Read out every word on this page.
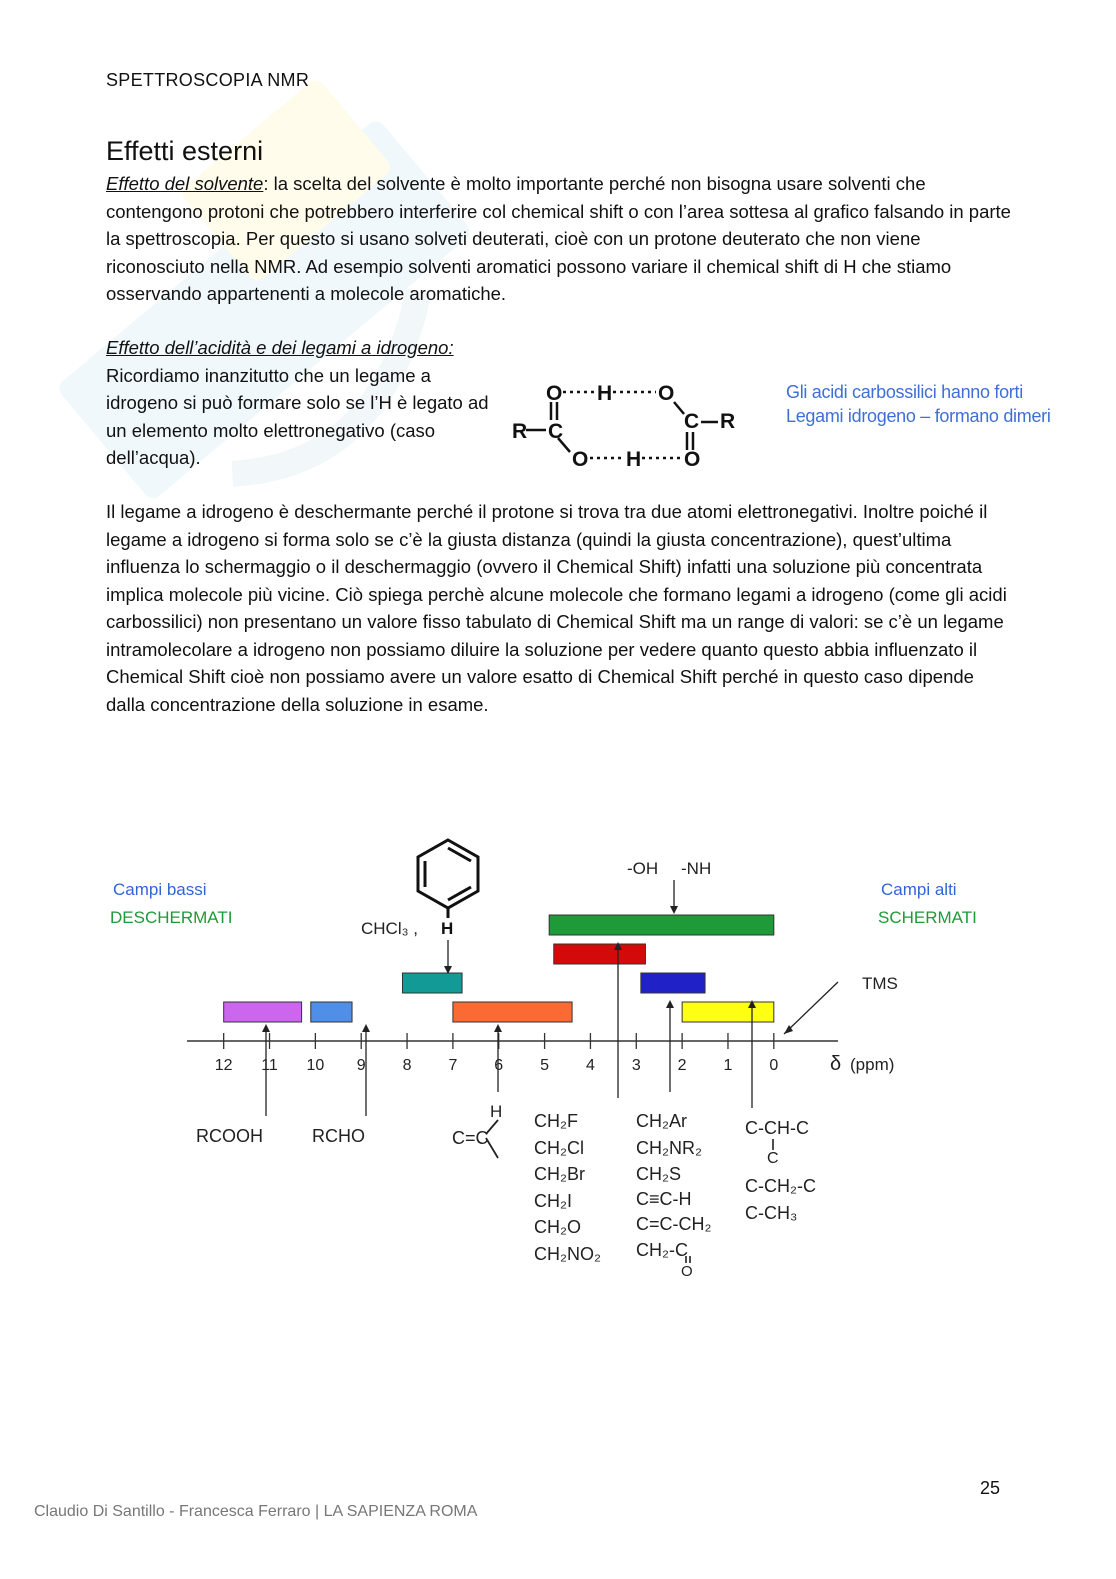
SPETTROSCOPIA NMR
Effetti esterni

Effetto del solvente: la scelta del solvente è molto importante perché non bisogna usare solventi che contengono protoni che potrebbero interferire col chemical shift o con l’area sottesa al grafico falsando in parte la spettroscopia. Per questo si usano solveti deuterati, cioè con un protone deuterato che non viene riconosciuto nella NMR. Ad esempio solventi aromatici possono variare il chemical shift di H che stiamo osservando appartenenti a molecole aromatiche.

Effetto dell’acidità e dei legami a idrogeno: Ricordiamo inanzitutto che un legame a idrogeno si può formare solo se l’H è legato ad un elemento molto elettronegativo (caso dell’acqua).

O H O
R C	C R
O H O
Gli acidi carbossilici hanno forti
Legami idrogeno – formano dimeri

Il legame a idrogeno è deschermante perché il protone si trova tra due atomi elettronegativi. Inoltre poiché il legame a idrogeno si forma solo se c’è la giusta distanza (quindi la giusta concentrazione), quest’ultima influenza lo schermaggio o il deschermaggio (ovvero il Chemical Shift) infatti una soluzione più concentrata implica molecole più vicine. Ciò spiega perchè alcune molecole che formano legami a idrogeno (come gli acidi carbossilici) non presentano un valore fisso tabulato di Chemical Shift ma un range di valori: se c’è un legame intramolecolare a idrogeno non possiamo diluire la soluzione per vedere quanto questo abbia influenzato il Chemical Shift cioè non possiamo avere un valore esatto di Chemical Shift perché in questo caso dipende dalla concentrazione della soluzione in esame.

12 11 10 9 8 7 6 5 4 3 2 1 0	δ (ppm)
Campi bassi
DESCHERMATI
Campi alti
SCHERMATI
H
CHCl₃ ,
-OH -NH
TMS
RCOOH	RCHO	C=C
H CH₂F
CH₂Cl
CH₂Br
CH₂I
CH₂O
CH₂NO₂
CH₂Ar
CH₂NR₂
CH₂S
C≡C-H
C=C-CH₂
CH₂-C
O
C-CH-C
C
C-CH₂-C
C-CH₃
25
Claudio Di Santillo - Francesca Ferraro | LA SAPIENZA ROMA
